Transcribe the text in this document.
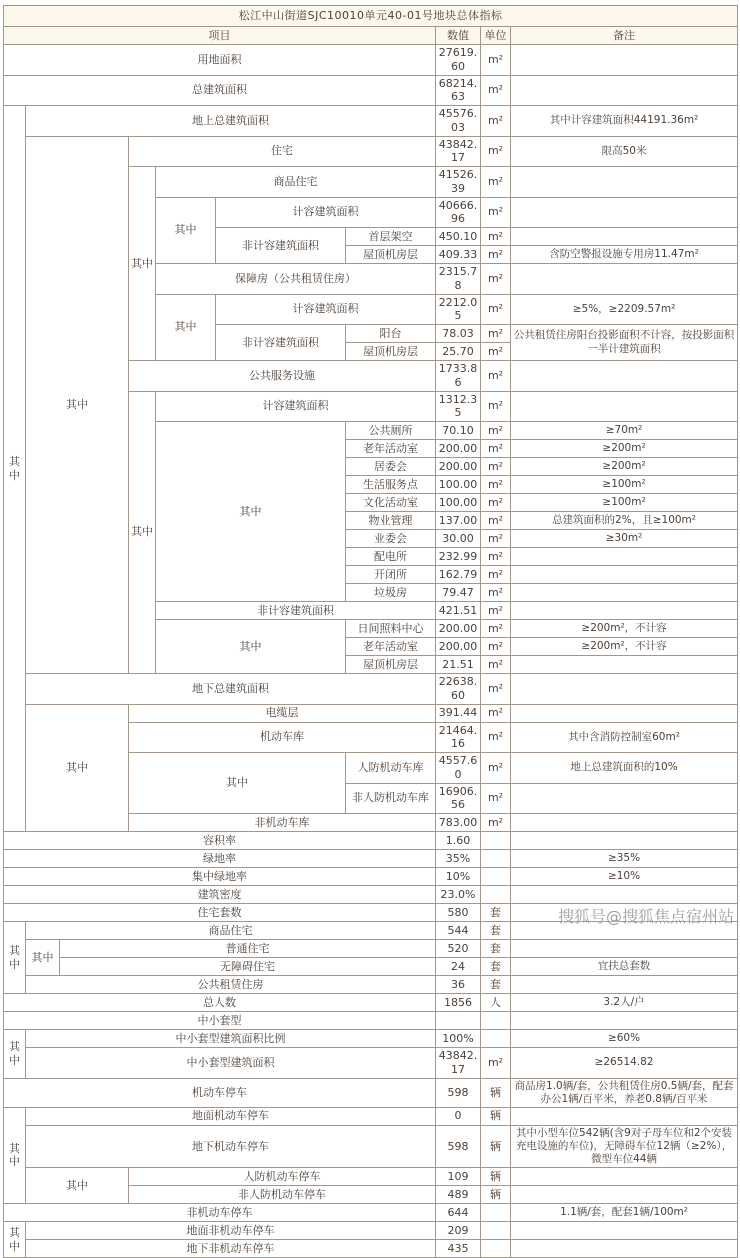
松江中山街道SJC10010单元40-01号地块总体指标									
项目							数值	单位	备注
用地面积							27619.60	m²	
总建筑面积							68214.63	m²	
其中	地上总建筑面积						45576.03	m²	其中计容建筑面积44191.36m²
	其中		住宅				43842.17	m²	限高50米
			其中	商品住宅			41526.39	m²	
				其中	计容建筑面积		40666.96	m²	
					非计容建筑面积	首层架空	450.10	m²	
						屋顶机房层	409.33	m²	含防空警报设施专用房11.47m²
				保障房（公共租赁住房）			2315.78	m²	
				其中	计容建筑面积		2212.05	m²	≥5%，≥2209.57m²
					非计容建筑面积	阳台	78.03	m²	公共租赁住房阳台投影面积不计容，按投影面积一半计建筑面积
						屋顶机房层	25.70	m²	
			公共服务设施				1733.86	m²	
			其中	计容建筑面积			1312.35	m²	
				其中		公共厕所	70.10	m²	≥70m²
						老年活动室	200.00	m²	≥200m²
						居委会	200.00	m²	≥200m²
						生活服务点	100.00	m²	≥100m²
						文化活动室	100.00	m²	≥100m²
						物业管理	137.00	m²	总建筑面积的2%，且≥100m²
						业委会	30.00	m²	≥30m²
						配电所	232.99	m²	
						开闭所	162.79	m²	
						垃圾房	79.47	m²	
				非计容建筑面积			421.51	m²	
				其中		日间照料中心	200.00	m²	≥200m²，不计容
						老年活动室	200.00	m²	≥200m²，不计容
						屋顶机房层	21.51	m²	
	地下总建筑面积						22638.60	m²	
	其中		电缆层				391.44	m²	
			机动车库				21464.16	m²	其中含消防控制室60m²
			其中			人防机动车库	4557.60	m²	地上总建筑面积的10%
						非人防机动车库	16906.56	m²	
			非机动车库				783.00	m²	
容积率							1.60		
绿地率							35%		≥35%
集中绿地率							10%		≥10%
建筑密度							23.0%		
住宅套数							580	套	
其中	商品住宅						544	套	
	其中	普通住宅					520	套	
		无障碍住宅					24	套	宜扶总套数
	公共租赁住房						36	套	
总人数							1856	人	3.2人/户
中小套型									
其中	中小套型建筑面积比例						100%		≥60%
	中小套型建筑面积						43842.17	m²	≥26514.82
机动车停车							598	辆	商品房1.0辆/套，公共租赁住房0.5辆/套，配套办公1辆/百平米，养老0.8辆/百平米
其中	地面机动车停车						0	辆	
	地下机动车停车						598	辆	其中小型车位542辆(含9对子母车位和2个安装充电设施的车位)，无障碍车位12辆（≥2%），微型车位44辆
	其中		人防机动车停车				109	辆	
			非人防机动车停车				489	辆	
非机动车停车							644		1.1辆/套，配套1辆/100m²
其中	地面非机动车停车						209		
	地下非机动车停车						435		
搜狐号@搜狐焦点宿州站
